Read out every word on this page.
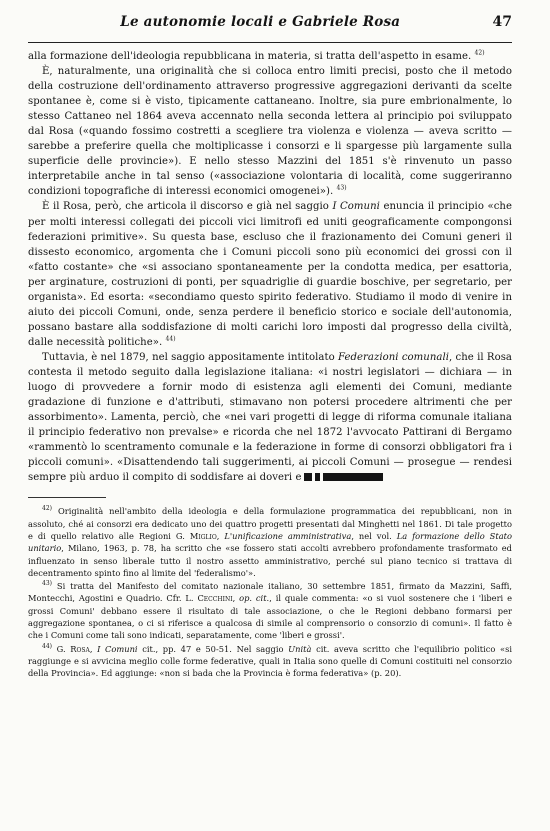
Le autonomie locali e Gabriele Rosa	47

alla formazione dell'ideologia repubblicana in materia, si tratta dell'aspetto in esame. $^{42)}$

È, naturalmente, una originalità che si colloca entro limiti precisi, posto che il metodo della costruzione dell'ordinamento attraverso progressive aggregazioni derivanti da scelte spontanee è, come si è visto, tipicamente cattaneano. Inoltre, sia pure embrionalmente, lo stesso Cattaneo nel 1864 aveva accennato nella seconda lettera al principio poi sviluppato dal Rosa («quando fossimo costretti a scegliere tra violenza e violenza — aveva scritto — sarebbe a preferire quella che moltiplicasse i consorzi e li spargesse più largamente sulla superficie delle provincie»). E nello stesso Mazzini del 1851 s'è rinvenuto un passo interpretabile anche in tal senso («associazione volontaria di località, come suggeriranno condizioni topografiche di interessi economici omogenei»). $^{43)}$

È il Rosa, però, che articola il discorso e già nel saggio I Comuni enuncia il principio «che per molti interessi collegati dei piccoli vici limitrofi ed uniti geograficamente compongonsi federazioni primitive». Su questa base, escluso che il frazionamento dei Comuni generi il dissesto economico, argomenta che i Comuni piccoli sono più economici dei grossi con il «fatto costante» che «si associano spontaneamente per la condotta medica, per esattoria, per arginature, costruzioni di ponti, per squadriglie di guardie boschive, per segretario, per organista». Ed esorta: «secondiamo questo spirito federativo. Studiamo il modo di venire in aiuto dei piccoli Comuni, onde, senza perdere il beneficio storico e sociale dell'autonomia, possano bastare alla soddisfazione di molti carichi loro imposti dal progresso della civiltà, dalle necessità politiche». $^{44)}$

Tuttavia, è nel 1879, nel saggio appositamente intitolato Federazioni comunali, che il Rosa contesta il metodo seguito dalla legislazione italiana: «i nostri legislatori — dichiara — in luogo di provvedere a fornir modo di esistenza agli elementi dei Comuni, mediante gradazione di funzione e d'attributi, stimavano non potersi procedere altrimenti che per assorbimento». Lamenta, perciò, che «nei vari progetti di legge di riforma comunale italiana il principio federativo non prevalse» e ricorda che nel 1872 l'avvocato Pattirani di Bergamo «rammentò lo scentramento comunale e la federazione in forme di consorzi obbligatori fra i piccoli comuni». «Disattendendo tali suggerimenti, ai piccoli Comuni — prosegue — rendesi sempre più arduo il compito di soddisfare ai doveri e

$^{42)}$ Originalità nell'ambito della ideologia e della formulazione programmatica dei repubblicani, non in assoluto, ché ai consorzi era dedicato uno dei quattro progetti presentati dal Minghetti nel 1861. Di tale progetto e di quello relativo alle Regioni G. Miglio, L'unificazione amministrativa, nel vol. La formazione dello Stato unitario, Milano, 1963, p. 78, ha scritto che «se fossero stati accolti avrebbero profondamente trasformato ed influenzato in senso liberale tutto il nostro assetto amministrativo, perché sul piano tecnico si trattava di decentramento spinto fino al limite del 'federalismo'».

$^{43)}$ Si tratta del Manifesto del comitato nazionale italiano, 30 settembre 1851, firmato da Mazzini, Saffi, Montecchi, Agostini e Quadrio. Cfr. L. Cecchini, op. cit., il quale commenta: «o si vuol sostenere che i 'liberi e grossi Comuni' debbano essere il risultato di tale associazione, o che le Regioni debbano formarsi per aggregazione spontanea, o ci si riferisce a qualcosa di simile al comprensorio o consorzio di comuni». Il fatto è che i Comuni come tali sono indicati, separatamente, come 'liberi e grossi'.

$^{44)}$ G. Rosa, I Comuni cit., pp. 47 e 50-51. Nel saggio Unità cit. aveva scritto che l'equilibrio politico «si raggiunge e si avvicina meglio colle forme federative, quali in Italia sono quelle di Comuni costituiti nel consorzio della Provincia». Ed aggiunge: «non si bada che la Provincia è forma federativa» (p. 20).
